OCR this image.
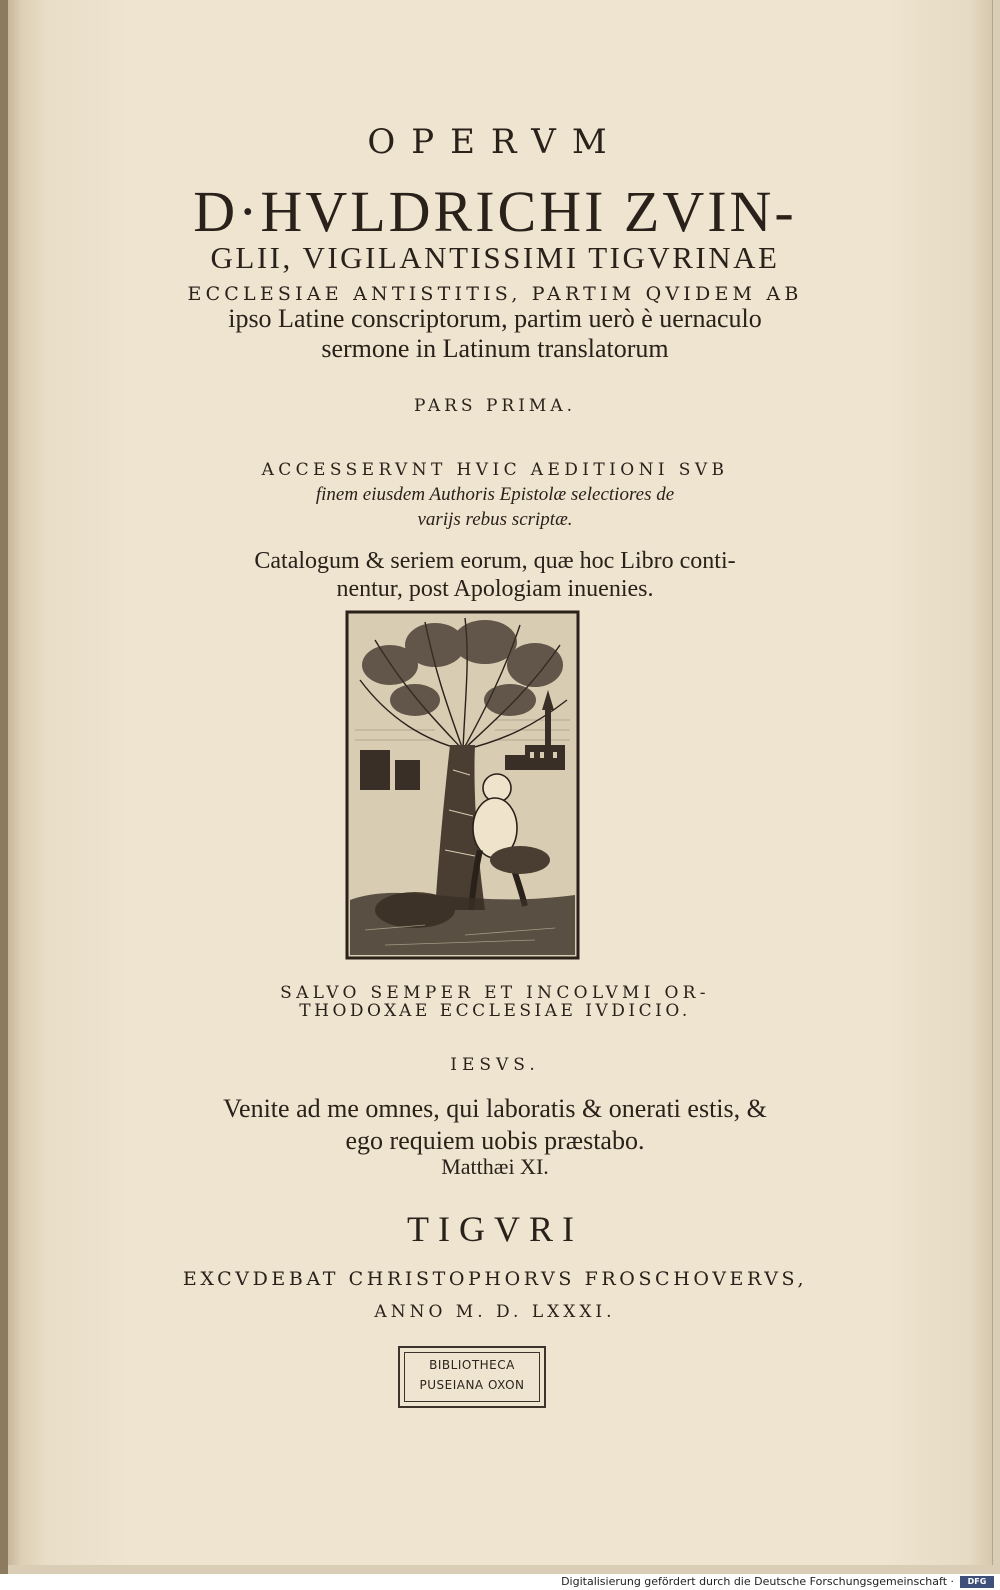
OPERVM
D·HVLDRICHI ZVIN-
GLII, VIGILANTISSIMI TIGVRINAE
ECCLESIAE ANTISTITIS, PARTIM QVIDEM AB
ipso Latine conscriptorum, partim uerò è uernaculo
sermone in Latinum translatorum
PARS PRIMA.
ACCESSERVNT HVIC AEDITIONI SVB
finem eiusdem Authoris Epistolæ selectiores de
varijs rebus scriptæ.
Catalogum & seriem eorum, quæ hoc Libro conti-
nentur, post Apologiam inuenies.
SALVO SEMPER ET INCOLVMI OR-
THODOXAE ECCLESIAE IVDICIO.
IESVS.
Venite ad me omnes, qui laboratis & onerati estis, &
ego requiem uobis præstabo.
Matthæi XI.
TIGVRI
EXCVDEBAT CHRISTOPHORVS FROSCHOVERVS,
ANNO M. D. LXXXI.
BIBLIOTHECA
PUSEIANA OXON
Digitalisierung gefördert durch die Deutsche Forschungsgemeinschaft ·	DFG
